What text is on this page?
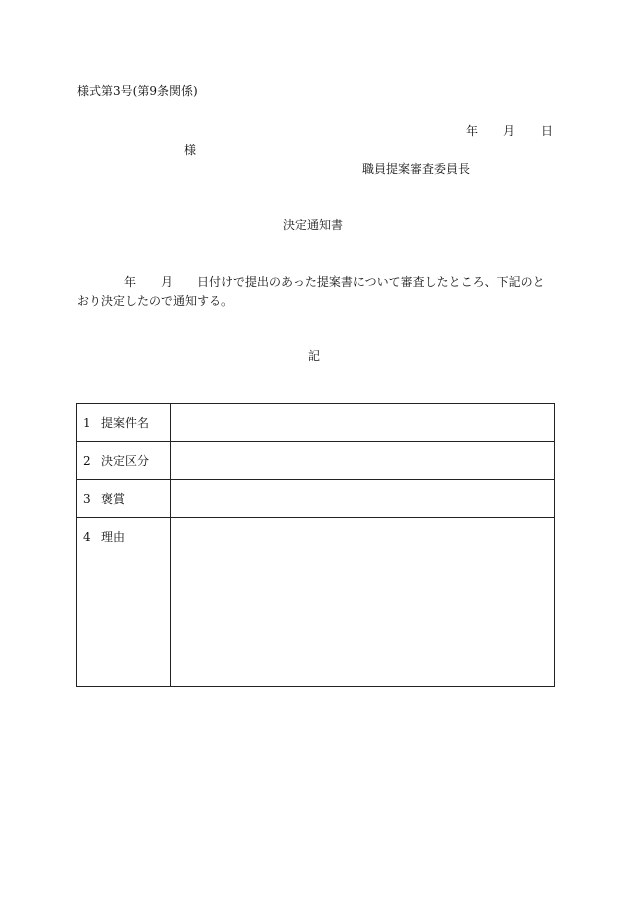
様式第3号(第9条関係)
年 月 日
様
職員提案審査委員長
決定通知書
年 月 日付けで提出のあった提案書について審査したところ、下記のとおり決定したので通知する。
記
1 提案件名	
2 決定区分	
3 褒賞	
4 理由	
